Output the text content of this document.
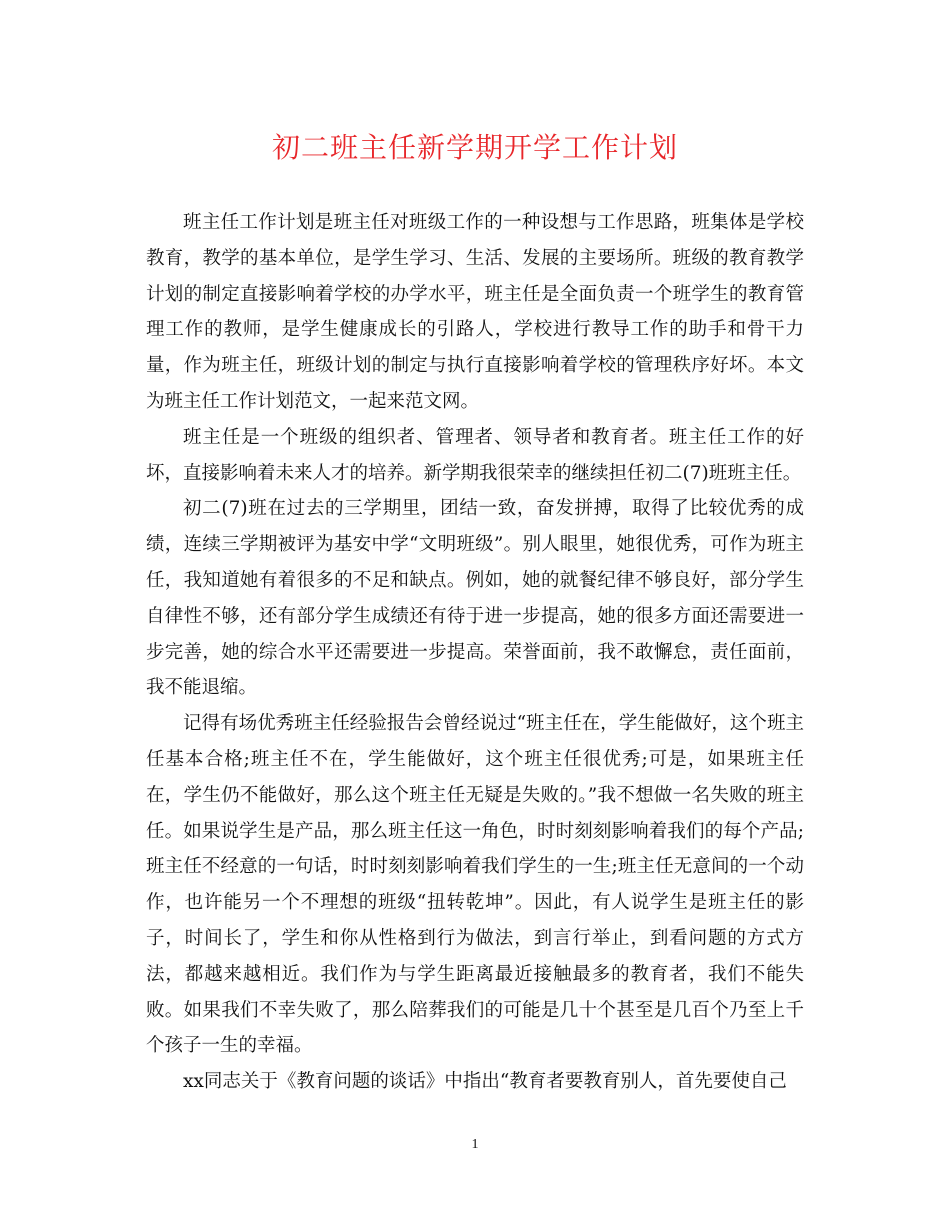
初二班主任新学期开学工作计划

班主任工作计划是班主任对班级工作的一种设想与工作思路，班集体是学校教育，教学的基本单位，是学生学习、生活、发展的主要场所。班级的教育教学计划的制定直接影响着学校的办学水平，班主任是全面负责一个班学生的教育管理工作的教师，是学生健康成长的引路人，学校进行教导工作的助手和骨干力量，作为班主任，班级计划的制定与执行直接影响着学校的管理秩序好坏。本文为班主任工作计划范文，一起来范文网。

班主任是一个班级的组织者、管理者、领导者和教育者。班主任工作的好坏，直接影响着未来人才的培养。新学期我很荣幸的继续担任初二(7)班班主任。

初二(7)班在过去的三学期里，团结一致，奋发拼搏，取得了比较优秀的成绩，连续三学期被评为基安中学“文明班级”。别人眼里，她很优秀，可作为班主任，我知道她有着很多的不足和缺点。例如，她的就餐纪律不够良好，部分学生自律性不够，还有部分学生成绩还有待于进一步提高，她的很多方面还需要进一步完善，她的综合水平还需要进一步提高。荣誉面前，我不敢懈怠，责任面前，我不能退缩。

记得有场优秀班主任经验报告会曾经说过“班主任在，学生能做好，这个班主任基本合格;班主任不在，学生能做好，这个班主任很优秀;可是，如果班主任在，学生仍不能做好，那么这个班主任无疑是失败的。”我不想做一名失败的班主任。如果说学生是产品，那么班主任这一角色，时时刻刻影响着我们的每个产品;班主任不经意的一句话，时时刻刻影响着我们学生的一生;班主任无意间的一个动作，也许能另一个不理想的班级“扭转乾坤”。因此，有人说学生是班主任的影子，时间长了，学生和你从性格到行为做法，到言行举止，到看问题的方式方法，都越来越相近。我们作为与学生距离最近接触最多的教育者，我们不能失败。如果我们不幸失败了，那么陪葬我们的可能是几十个甚至是几百个乃至上千个孩子一生的幸福。

xx同志关于《教育问题的谈话》中指出“教育者要教育别人，首先要使自己

1
